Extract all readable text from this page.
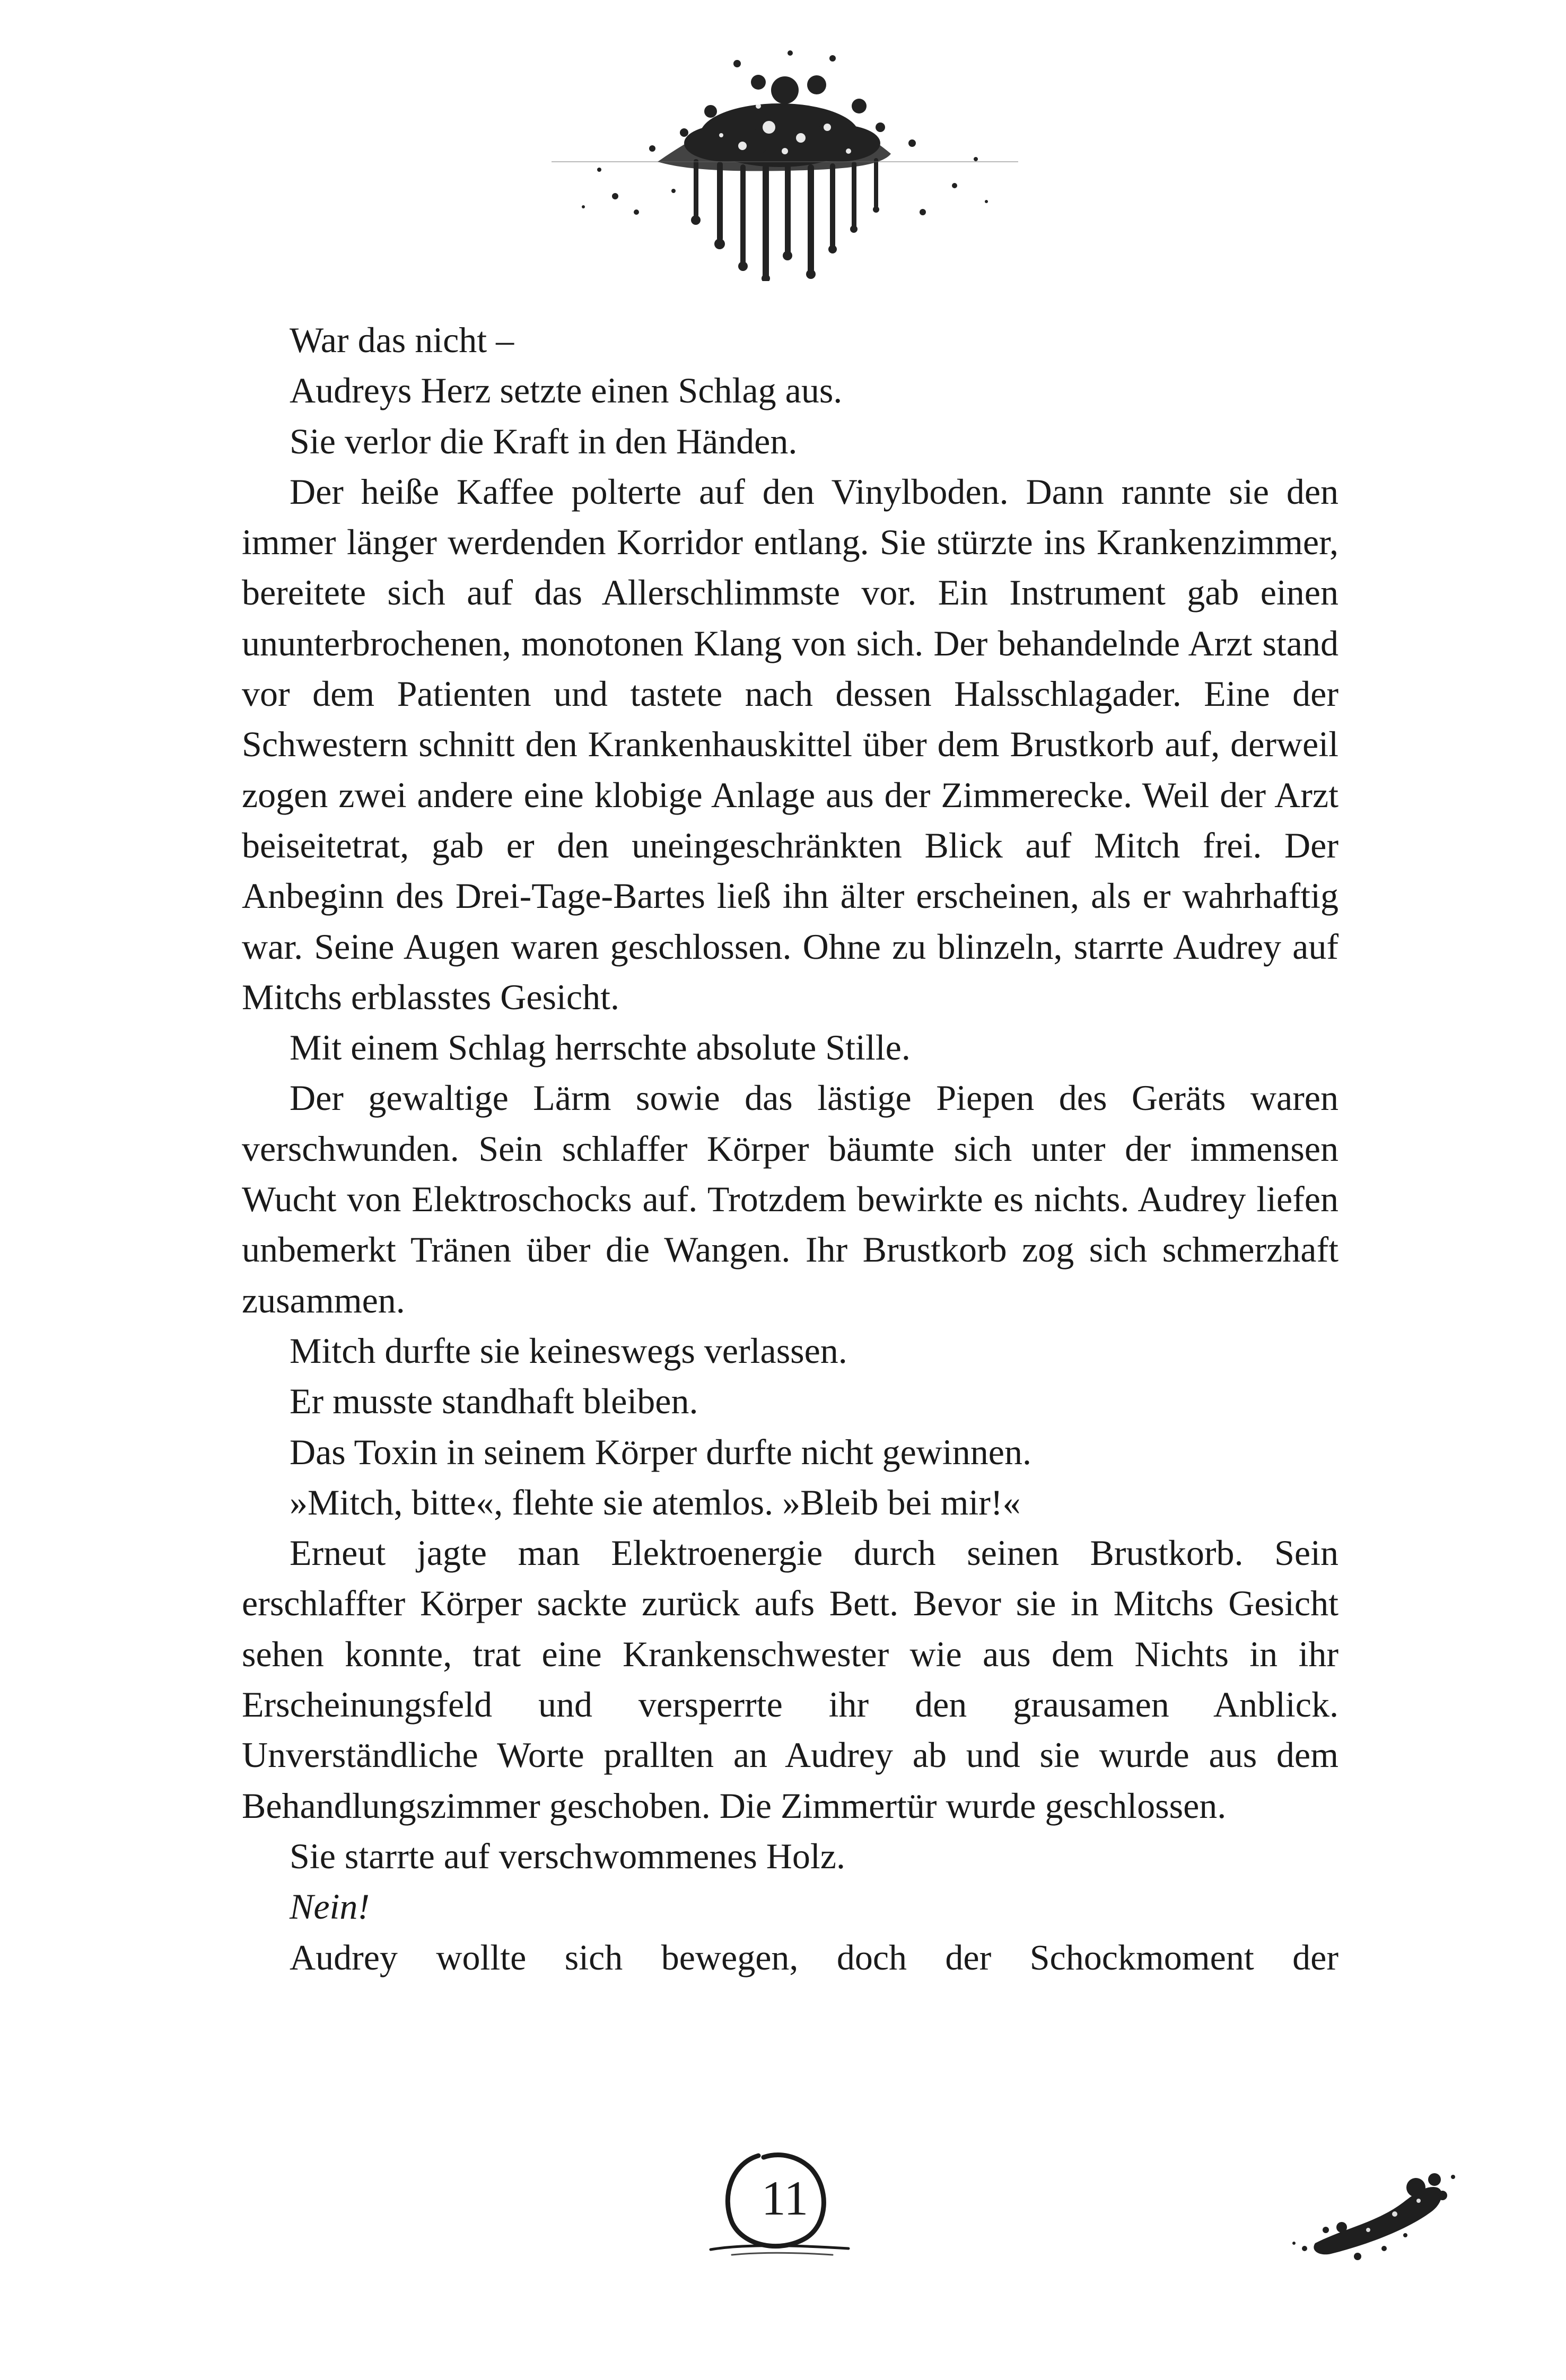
War das nicht –

Audreys Herz setzte einen Schlag aus.

Sie verlor die Kraft in den Händen.

Der heiße Kaffee polterte auf den Vinylboden. Dann rannte sie den immer länger werdenden Korridor entlang. Sie stürzte ins Krankenzimmer, bereitete sich auf das Allerschlimmste vor. Ein Instrument gab einen ununterbrochenen, monotonen Klang von sich. Der behandelnde Arzt stand vor dem Patienten und tastete nach dessen Halsschlagader. Eine der Schwestern schnitt den Krankenhauskittel über dem Brustkorb auf, derweil zogen zwei andere eine klobige Anlage aus der Zimmerecke. Weil der Arzt beiseitetrat, gab er den uneingeschränkten Blick auf Mitch frei. Der Anbeginn des Drei-Tage-Bartes ließ ihn älter erscheinen, als er wahrhaftig war. Seine Augen waren geschlossen. Ohne zu blinzeln, starrte Audrey auf Mitchs erblasstes Gesicht.

Mit einem Schlag herrschte absolute Stille.

Der gewaltige Lärm sowie das lästige Piepen des Geräts waren verschwunden. Sein schlaffer Körper bäumte sich unter der immensen Wucht von Elektroschocks auf. Trotzdem bewirkte es nichts. Audrey liefen unbemerkt Tränen über die Wangen. Ihr Brustkorb zog sich schmerzhaft zusammen.

Mitch durfte sie keineswegs verlassen.

Er musste standhaft bleiben.

Das Toxin in seinem Körper durfte nicht gewinnen.

»Mitch, bitte«, flehte sie atemlos. »Bleib bei mir!«

Erneut jagte man Elektroenergie durch seinen Brustkorb. Sein erschlaffter Körper sackte zurück aufs Bett. Bevor sie in Mitchs Gesicht sehen konnte, trat eine Krankenschwester wie aus dem Nichts in ihr Erscheinungsfeld und versperrte ihr den grausamen Anblick. Unverständliche Worte prallten an Audrey ab und sie wurde aus dem Behandlungszimmer geschoben. Die Zimmertür wurde geschlossen.

Sie starrte auf verschwommenes Holz.

Nein!

Audrey wollte sich bewegen, doch der Schockmoment der

11
